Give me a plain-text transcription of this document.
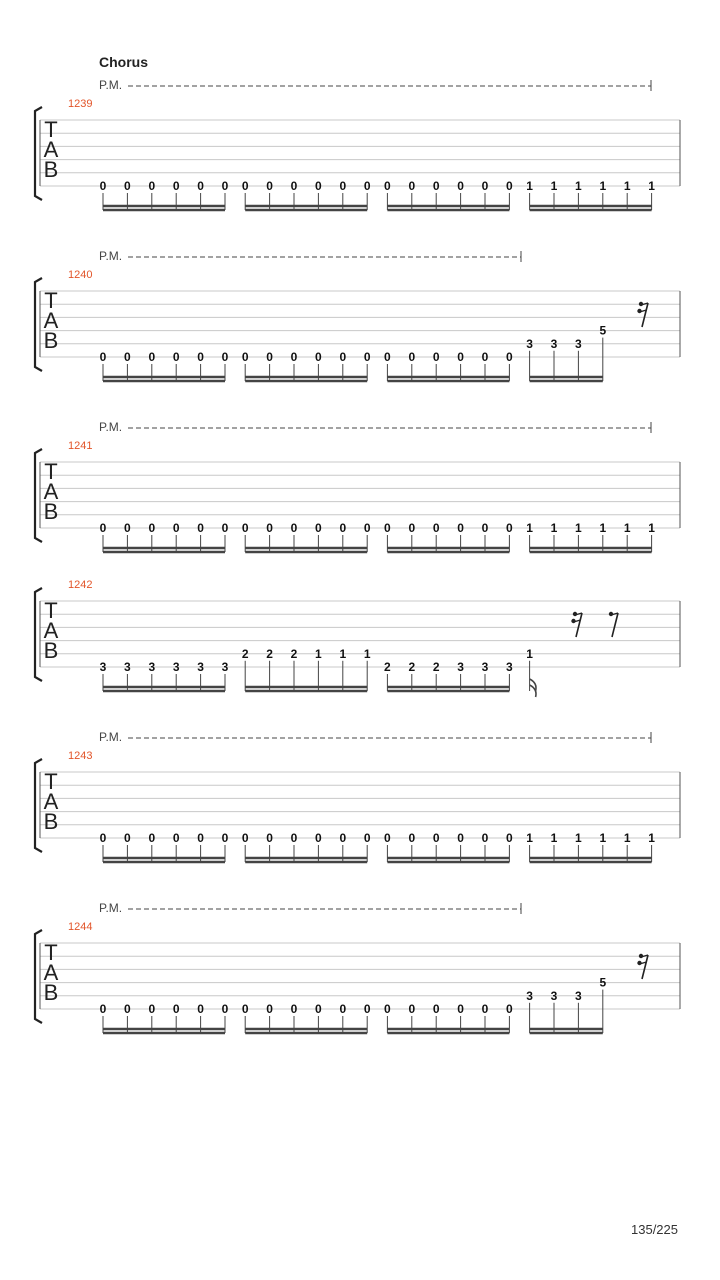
Chorus
T
A
B
1239
P.M.
0 0 0 0 0 0 0 0 0 0 0 0 0 0 0 0 0 0 1 1 1 1 1 1
T
A
B
1240
P.M.
0 0 0 0 0 0 0 0 0 0 0 0 0 0 0 0 0 0
3 3 3
5
T
A
B
1241
P.M.
0 0 0 0 0 0 0 0 0 0 0 0 0 0 0 0 0 0 1 1 1 1 1 1
T
A
B
1242
3 3 3 3 3 3
2 2 2 1 1 1
2 2 2 3 3 3
1
T
A
B
1243
P.M.
0 0 0 0 0 0 0 0 0 0 0 0 0 0 0 0 0 0 1 1 1 1 1 1
T
A
B
1244
P.M.
0 0 0 0 0 0 0 0 0 0 0 0 0 0 0 0 0 0
3 3 3
5
135/225
